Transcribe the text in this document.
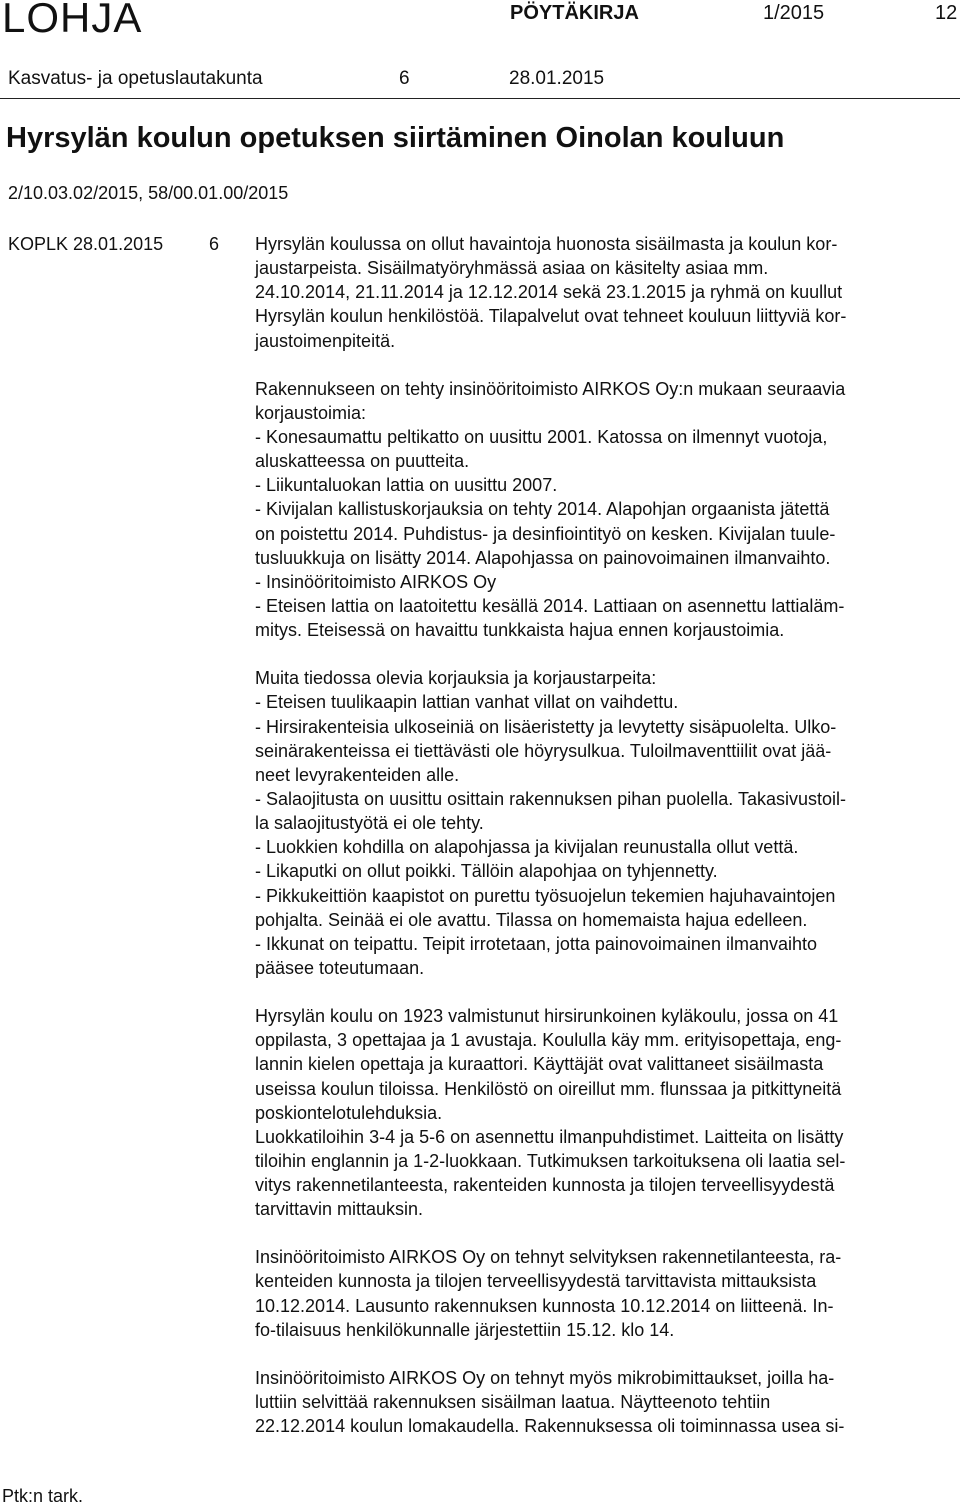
LOHJA	PÖYTÄKIRJA	1/2015	12
Kasvatus- ja opetuslautakunta	6	28.01.2015
Hyrsylän koulun opetuksen siirtäminen Oinolan kouluun
2/10.03.02/2015, 58/00.01.00/2015
KOPLK 28.01.2015	6 Hyrsylän koulussa on ollut havaintoja huonosta sisäilmasta ja koulun kor-
jaustarpeista. Sisäilmatyöryhmässä asiaa on käsitelty asiaa mm.
24.10.2014, 21.11.2014 ja 12.12.2014 sekä 23.1.2015 ja ryhmä on kuullut
Hyrsylän koulun henkilöstöä. Tilapalvelut ovat tehneet kouluun liittyviä kor-
jaustoimenpiteitä.

Rakennukseen on tehty insinööritoimisto AIRKOS Oy:n mukaan seuraavia
korjaustoimia:
- Konesaumattu peltikatto on uusittu 2001. Katossa on ilmennyt vuotoja,
aluskatteessa on puutteita.
- Liikuntaluokan lattia on uusittu 2007.
- Kivijalan kallistuskorjauksia on tehty 2014. Alapohjan orgaanista jätettä
on poistettu 2014. Puhdistus- ja desinfiointityö on kesken. Kivijalan tuule-
tusluukkuja on lisätty 2014. Alapohjassa on painovoimainen ilmanvaihto.
- Insinööritoimisto AIRKOS Oy
- Eteisen lattia on laatoitettu kesällä 2014. Lattiaan on asennettu lattialäm-
mitys. Eteisessä on havaittu tunkkaista hajua ennen korjaustoimia.

Muita tiedossa olevia korjauksia ja korjaustarpeita:
- Eteisen tuulikaapin lattian vanhat villat on vaihdettu.
- Hirsirakenteisia ulkoseiniä on lisäeristetty ja levytetty sisäpuolelta. Ulko-
seinärakenteissa ei tiettävästi ole höyrysulkua. Tuloilmaventtiilit ovat jää-
neet levyrakenteiden alle.
- Salaojitusta on uusittu osittain rakennuksen pihan puolella. Takasivustoil-
la salaojitustyötä ei ole tehty.
- Luokkien kohdilla on alapohjassa ja kivijalan reunustalla ollut vettä.
- Likaputki on ollut poikki. Tällöin alapohjaa on tyhjennetty.
- Pikkukeittiön kaapistot on purettu työsuojelun tekemien hajuhavaintojen
pohjalta. Seinää ei ole avattu. Tilassa on homemaista hajua edelleen.
- Ikkunat on teipattu. Teipit irrotetaan, jotta painovoimainen ilmanvaihto
pääsee toteutumaan.

Hyrsylän koulu on 1923 valmistunut hirsirunkoinen kyläkoulu, jossa on 41
oppilasta, 3 opettajaa ja 1 avustaja. Koululla käy mm. erityisopettaja, eng-
lannin kielen opettaja ja kuraattori. Käyttäjät ovat valittaneet sisäilmasta
useissa koulun tiloissa. Henkilöstö on oireillut mm. flunssaa ja pitkittyneitä
poskiontelotulehduksia.
Luokkatiloihin 3-4 ja 5-6 on asennettu ilmanpuhdistimet. Laitteita on lisätty
tiloihin englannin ja 1-2-luokkaan. Tutkimuksen tarkoituksena oli laatia sel-
vitys rakennetilanteesta, rakenteiden kunnosta ja tilojen terveellisyydestä
tarvittavin mittauksin.

Insinööritoimisto AIRKOS Oy on tehnyt selvityksen rakennetilanteesta, ra-
kenteiden kunnosta ja tilojen terveellisyydestä tarvittavista mittauksista
10.12.2014. Lausunto rakennuksen kunnosta 10.12.2014 on liitteenä. In-
fo-tilaisuus henkilökunnalle järjestettiin 15.12. klo 14.

Insinööritoimisto AIRKOS Oy on tehnyt myös mikrobimittaukset, joilla ha-
luttiin selvittää rakennuksen sisäilman laatua. Näytteenoto tehtiin
22.12.2014 koulun lomakaudella. Rakennuksessa oli toiminnassa usea si-

Ptk:n tark.
